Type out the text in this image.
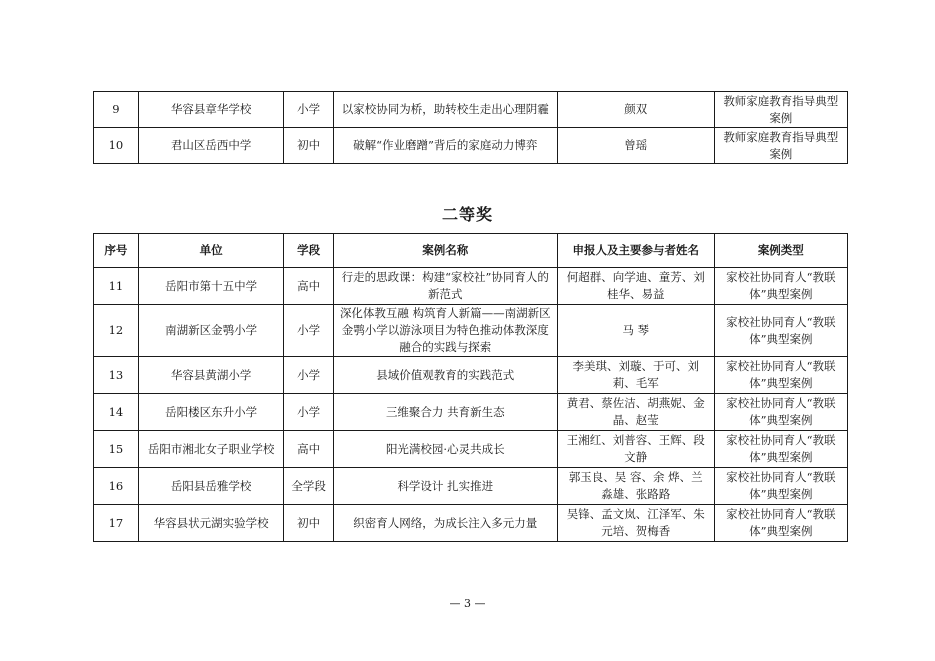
9	华容县章华学校	小学	以家校协同为桥，助转校生走出心理阴霾	颜双	教师家庭教育指导典型案例
10	君山区岳西中学	初中	破解“作业磨蹭”背后的家庭动力博弈	曾瑶	教师家庭教育指导典型案例
二等奖
序号	单位	学段	案例名称	申报人及主要参与者姓名	案例类型
11	岳阳市第十五中学	高中	行走的思政课：构建“家校社”协同育人的新范式	何超群、向学迪、童芳、刘桂华、易益	家校社协同育人“教联体”典型案例
12	南湖新区金鹗小学	小学	深化体教互融 构筑育人新篇——南湖新区金鹗小学以游泳项目为特色推动体教深度融合的实践与探索	马 琴	家校社协同育人“教联体”典型案例
13	华容县黄湖小学	小学	县域价值观教育的实践范式	李美琪、刘璇、于可、刘莉、毛军	家校社协同育人“教联体”典型案例
14	岳阳楼区东升小学	小学	三维聚合力 共育新生态	黄君、蔡佐洁、胡燕妮、金晶、赵莹	家校社协同育人“教联体”典型案例
15	岳阳市湘北女子职业学校	高中	阳光满校园·心灵共成长	王湘红、刘普容、王辉、段文静	家校社协同育人“教联体”典型案例
16	岳阳县岳雅学校	全学段	科学设计 扎实推进	郭玉良、吴 容、余 烨、兰淼雄、张路路	家校社协同育人“教联体”典型案例
17	华容县状元湖实验学校	初中	织密育人网络，为成长注入多元力量	吴锋、孟文岚、江泽军、朱元培、贺梅香	家校社协同育人“教联体”典型案例
— 3 —
